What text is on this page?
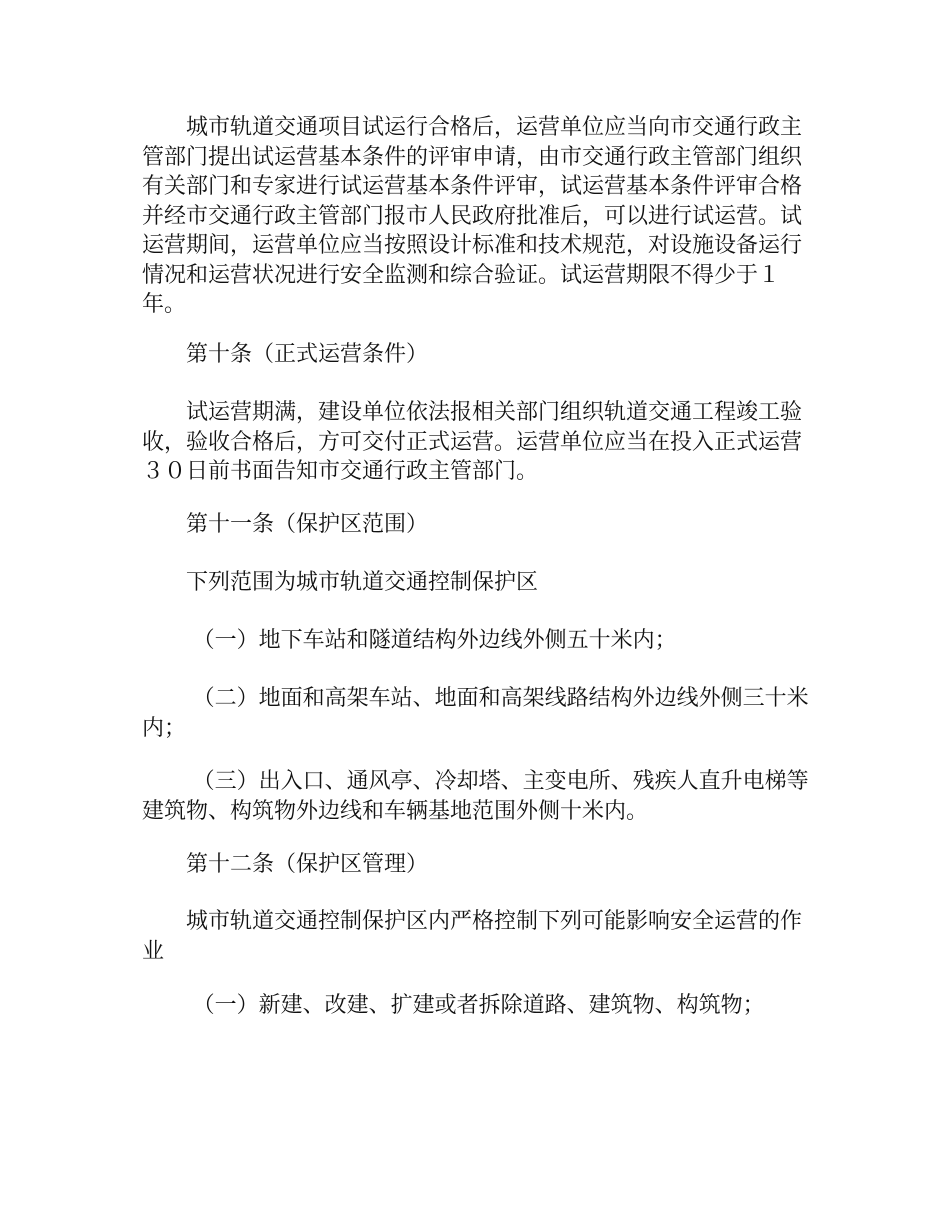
城市轨道交通项目试运行合格后，运营单位应当向市交通行政主管部门提出试运营基本条件的评审申请，由市交通行政主管部门组织有关部门和专家进行试运营基本条件评审，试运营基本条件评审合格并经市交通行政主管部门报市人民政府批准后，可以进行试运营。试运营期间，运营单位应当按照设计标准和技术规范，对设施设备运行情况和运营状况进行安全监测和综合验证。试运营期限不得少于１年。

第十条（正式运营条件）

试运营期满，建设单位依法报相关部门组织轨道交通工程竣工验收，验收合格后，方可交付正式运营。运营单位应当在投入正式运营３０日前书面告知市交通行政主管部门。

第十一条（保护区范围）

下列范围为城市轨道交通控制保护区

（一）地下车站和隧道结构外边线外侧五十米内；

（二）地面和高架车站、地面和高架线路结构外边线外侧三十米内；

（三）出入口、通风亭、冷却塔、主变电所、残疾人直升电梯等建筑物、构筑物外边线和车辆基地范围外侧十米内。

第十二条（保护区管理）

城市轨道交通控制保护区内严格控制下列可能影响安全运营的作业

（一）新建、改建、扩建或者拆除道路、建筑物、构筑物；
